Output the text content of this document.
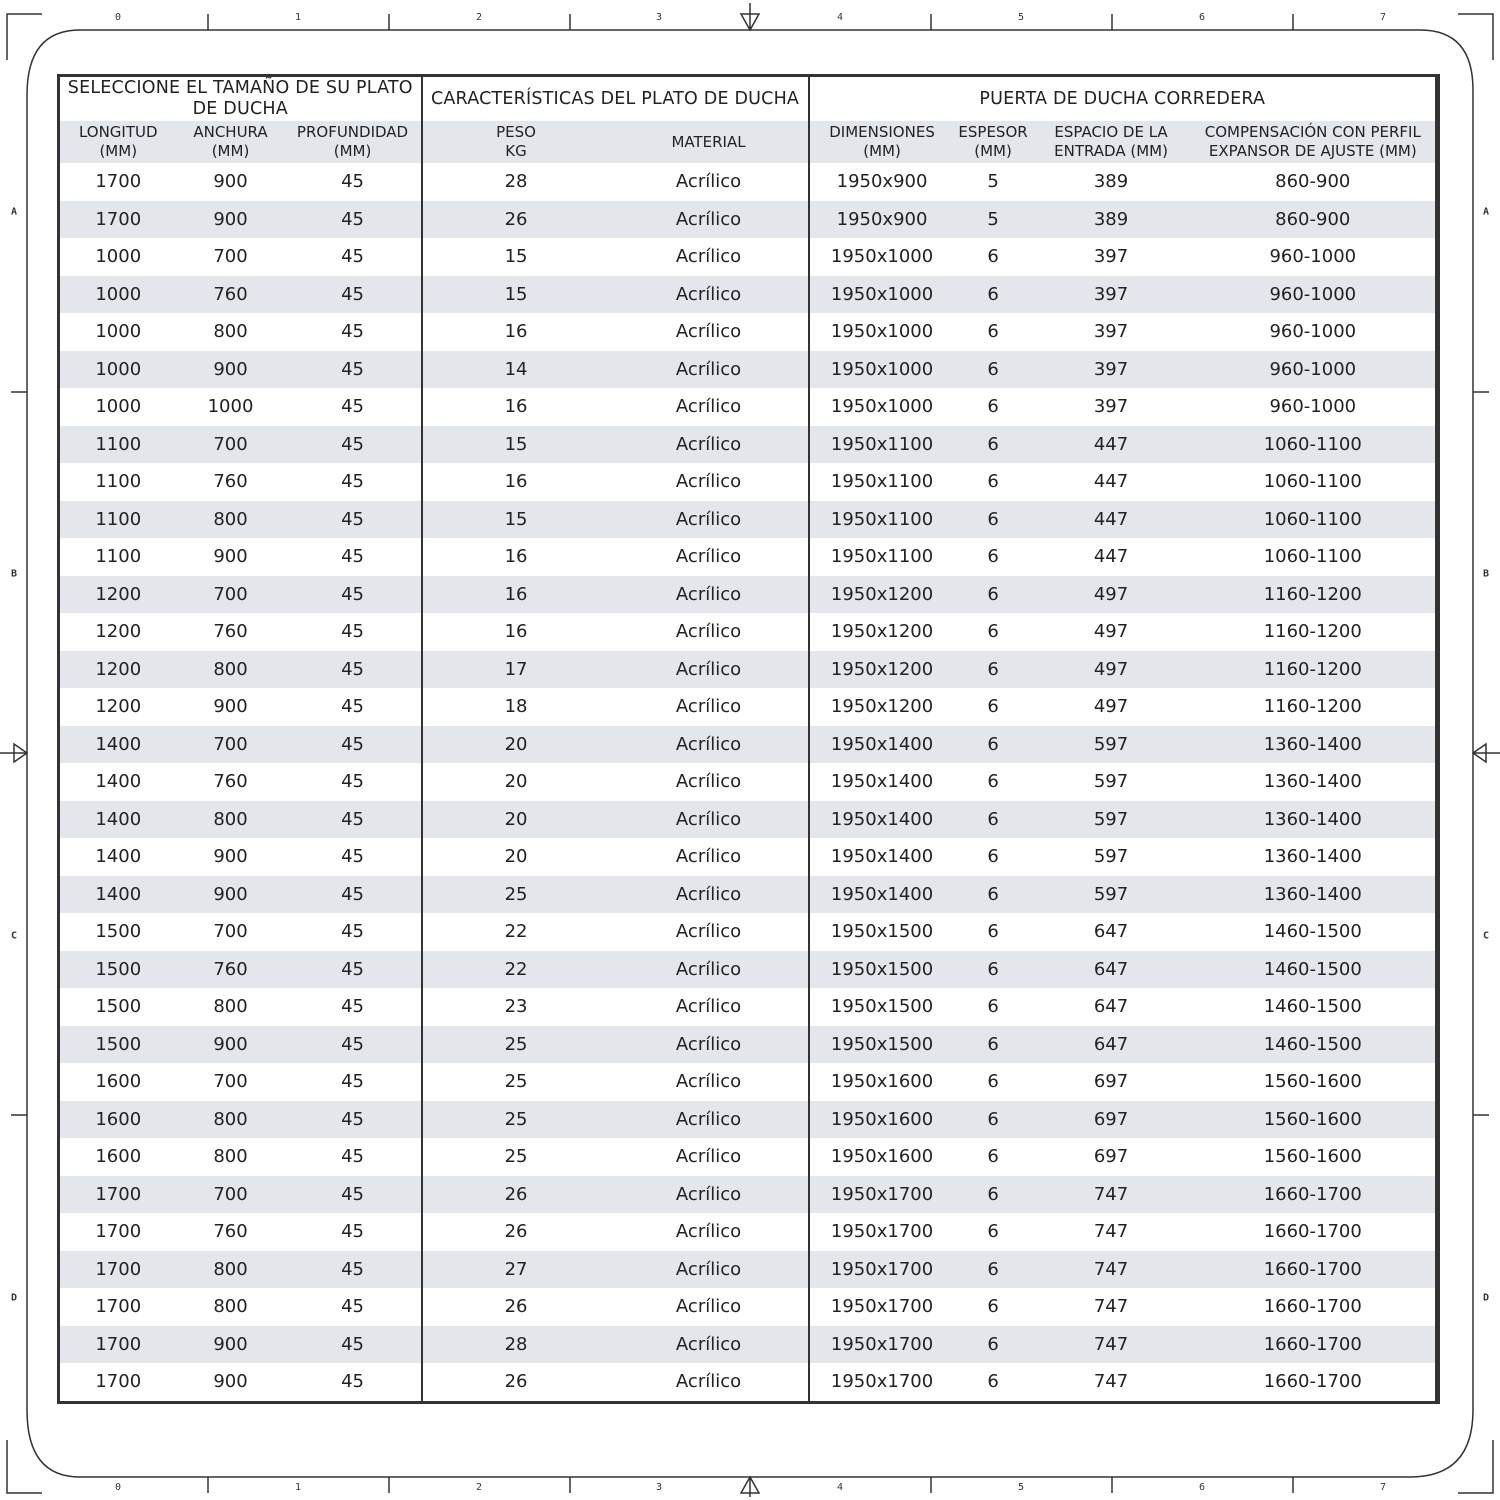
0	1	2	3	4	5	6	7
0	1	2	3	4	5	6	7
A
B
C
D
A
B
C
D
SELECCIONE EL TAMAÑO DE SU PLATO DE DUCHA			CARACTERÍSTICAS DEL PLATO DE DUCHA		PUERTA DE DUCHA CORREDERA			

LONGITUD
(MM)

ANCHURA
(MM)

PROFUNDIDAD
(MM)

PESO
KG

MATERIAL

DIMENSIONES
(MM)

ESPESOR
(MM)

ESPACIO DE LA
ENTRADA (MM)

COMPENSACIÓN CON PERFIL
EXPANSOR DE AJUSTE (MM)

1700	900	45	28	Acrílico	1950x900	5	389	860-900
1700	900	45	26	Acrílico	1950x900	5	389	860-900
1000	700	45	15	Acrílico	1950x1000	6	397	960-1000
1000	760	45	15	Acrílico	1950x1000	6	397	960-1000
1000	800	45	16	Acrílico	1950x1000	6	397	960-1000
1000	900	45	14	Acrílico	1950x1000	6	397	960-1000
1000	1000	45	16	Acrílico	1950x1000	6	397	960-1000
1100	700	45	15	Acrílico	1950x1100	6	447	1060-1100
1100	760	45	16	Acrílico	1950x1100	6	447	1060-1100
1100	800	45	15	Acrílico	1950x1100	6	447	1060-1100
1100	900	45	16	Acrílico	1950x1100	6	447	1060-1100
1200	700	45	16	Acrílico	1950x1200	6	497	1160-1200
1200	760	45	16	Acrílico	1950x1200	6	497	1160-1200
1200	800	45	17	Acrílico	1950x1200	6	497	1160-1200
1200	900	45	18	Acrílico	1950x1200	6	497	1160-1200
1400	700	45	20	Acrílico	1950x1400	6	597	1360-1400
1400	760	45	20	Acrílico	1950x1400	6	597	1360-1400
1400	800	45	20	Acrílico	1950x1400	6	597	1360-1400
1400	900	45	20	Acrílico	1950x1400	6	597	1360-1400
1400	900	45	25	Acrílico	1950x1400	6	597	1360-1400
1500	700	45	22	Acrílico	1950x1500	6	647	1460-1500
1500	760	45	22	Acrílico	1950x1500	6	647	1460-1500
1500	800	45	23	Acrílico	1950x1500	6	647	1460-1500
1500	900	45	25	Acrílico	1950x1500	6	647	1460-1500
1600	700	45	25	Acrílico	1950x1600	6	697	1560-1600
1600	800	45	25	Acrílico	1950x1600	6	697	1560-1600
1600	800	45	25	Acrílico	1950x1600	6	697	1560-1600
1700	700	45	26	Acrílico	1950x1700	6	747	1660-1700
1700	760	45	26	Acrílico	1950x1700	6	747	1660-1700
1700	800	45	27	Acrílico	1950x1700	6	747	1660-1700
1700	800	45	26	Acrílico	1950x1700	6	747	1660-1700
1700	900	45	28	Acrílico	1950x1700	6	747	1660-1700
1700	900	45	26	Acrílico	1950x1700	6	747	1660-1700
